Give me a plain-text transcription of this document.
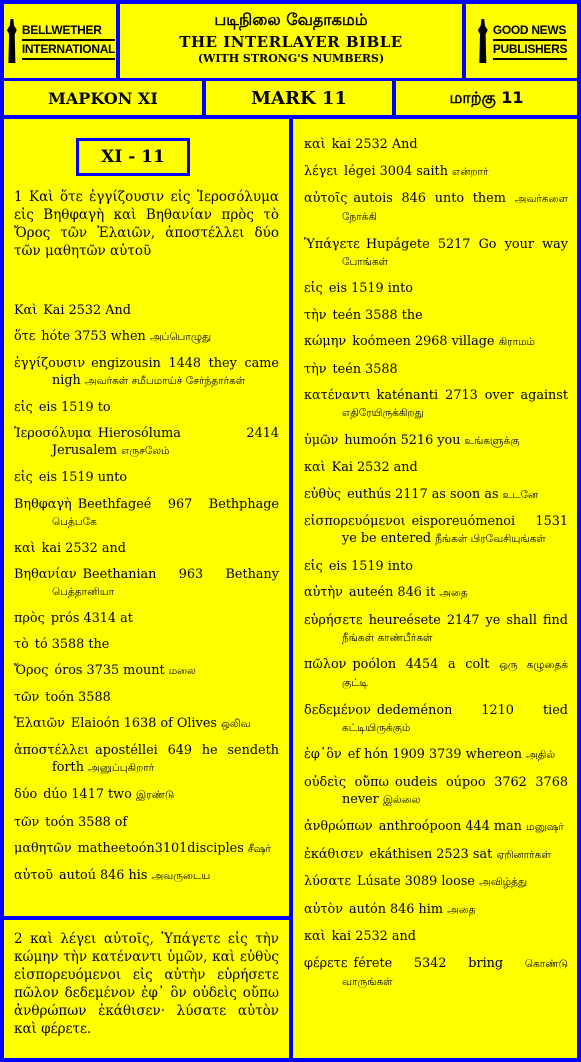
BELLWETHER
INTERNATIONAL
படிநிலை வேதாகமம்
THE INTERLAYER BIBLE
(WITH STRONG'S NUMBERS)
GOOD NEWS
PUBLISHERS
MAPKON XI	MARK 11	மாற்கு 11
XI - 11
1 Καὶ ὅτε ἐγγίζουσιν εἰς Ἰεροσόλυμα εἰς Βηθφαγὴ καὶ Βηθανίαν πρὸς τὸ Ὄρος τῶν Ἐλαιῶν, ἀποστέλλει δύο τῶν μαθητῶν αὐτοῦ
Καὶ Kai 2532 And
ὅτε hóte 3753 when அப்பொழுது
ἐγγίζουσιν engizousin 1448 they came nigh அவர்கள் சமீபமாய்ச் சேர்ந்தார்கள்
εἰς eis 1519 to
Ἰεροσόλυμα Hierosóluma 2414 Jerusalem எருசலேம்
εἰς eis 1519 unto
Βηθφαγὴ Beethfageé 967 Bethphage பெத்பகே
καὶ kai 2532 and
Βηθανίαν Beethanian 963 Bethany பெத்தானியா
πρὸς prós 4314 at
τὸ tó 3588 the
Ὄρος óros 3735 mount மலை
τῶν toón 3588
Ἐλαιῶν Elaioón 1638 of Olives ஒலிவ
ἀποστέλλει apostéllei 649 he sendeth forth அனுப்புகிறார்
δύο dúo 1417 two இரண்டு
τῶν toón 3588 of
μαθητῶν matheetoón3101disciples சீஷர்
αὐτοῦ autoú 846 his அவருடைய
2 καὶ λέγει αὐτοῖς, Ὑπάγετε εἰς τὴν κώμην τὴν κατέναντι ὑμῶν, καὶ εὐθὺς εἰσπορευόμενοι εἰς αὐτὴν εὑρήσετε πῶλον δεδεμένον ἐφ᾽ ὃν οὐδεὶς οὔπω ἀνθρώπων ἐκάθισεν· λύσατε αὐτὸν καὶ φέρετε.
καὶ kai 2532 And
λέγει légei 3004 saith என்றார்
αὐτοῖς autois 846 unto them அவர்களை நோக்கி
Ὑπάγετε Hupágete 5217 Go your way போங்கள்
εἰς eis 1519 into
τὴν teén 3588 the
κώμην koómeen 2968 village கிராமம்
τὴν teén 3588
κατέναντι katénanti 2713 over against எதிரேயிருக்கிறது
ὑμῶν humoón 5216 you உங்களுக்கு
καὶ Kai 2532 and
εὐθὺς euthús 2117 as soon as உடனே
εἰσπορευόμενοι eisporeuómenoi 1531 ye be entered நீங்கள் பிரவேசியுங்கள்
εἰς eis 1519 into
αὐτὴν auteén 846 it அதை
εὑρήσετε heureésete 2147 ye shall find நீங்கள் காண்பீர்கள்
πῶλον poólon 4454 a colt ஒரு கழுதைக் குட்டி
δεδεμένον dedeménon 1210 tied கட்டியிருக்கும்
ἐφ᾽ὃν ef hón 1909 3739 whereon அதில்
οὐδεὶς οὔπω oudeis oúpoo 3762 3768 never இல்லை
ἀνθρώπων anthroópoon 444 man மனுஷர்
ἐκάθισεν ekáthisen 2523 sat ஏறினார்கள்
λύσατε Lúsate 3089 loose அவிழ்த்து
αὐτὸν autón 846 him அதை
καὶ kai 2532 and
φέρετε férete 5342 bring கொண்டு வாருங்கள்
